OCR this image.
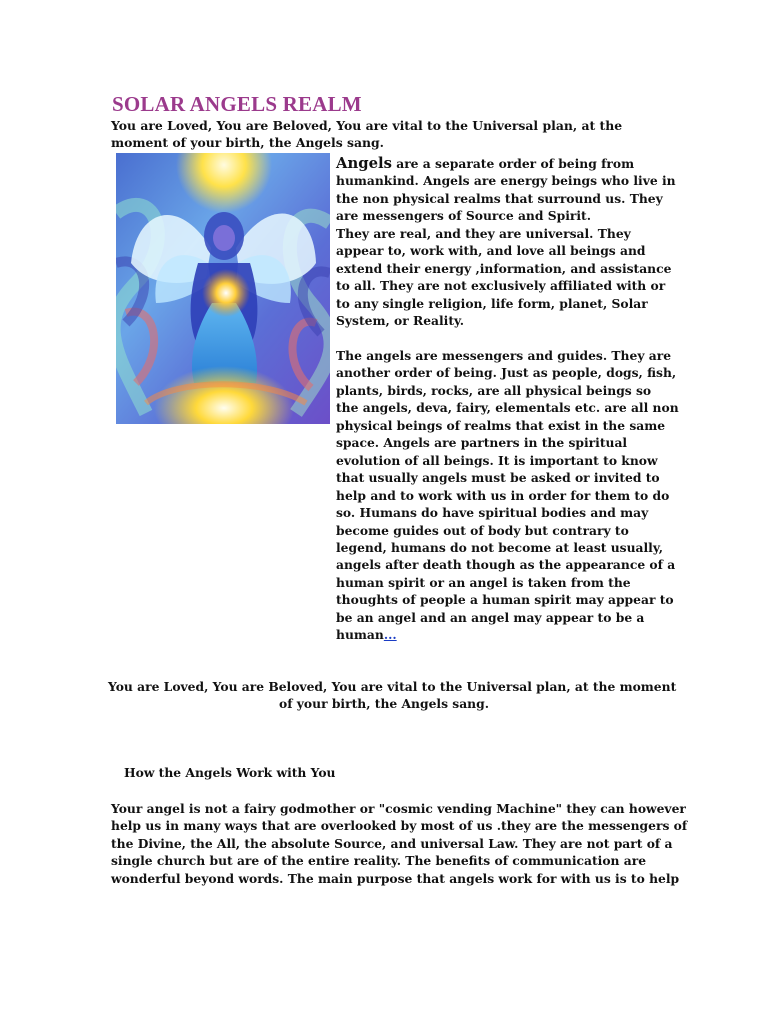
SOLAR ANGELS REALM
You are Loved, You are Beloved, You are vital to the Universal plan, at the
moment of your birth, the Angels sang.

Angels are a separate order of being from
humankind. Angels are energy beings who live in
the non physical realms that surround us. They
are messengers of Source and Spirit.
They are real, and they are universal. They
appear to, work with, and love all beings and
extend their energy ,information, and assistance
to all. They are not exclusively affiliated with or
to any single religion, life form, planet, Solar
System, or Reality.

The angels are messengers and guides. They are
another order of being. Just as people, dogs, fish,
plants, birds, rocks, are all physical beings so
the angels, deva, fairy, elementals etc. are all non
physical beings of realms that exist in the same
space. Angels are partners in the spiritual
evolution of all beings. It is important to know
that usually angels must be asked or invited to
help and to work with us in order for them to do
so. Humans do have spiritual bodies and may
become guides out of body but contrary to
legend, humans do not become at least usually,
angels after death though as the appearance of a
human spirit or an angel is taken from the
thoughts of people a human spirit may appear to
be an angel and an angel may appear to be a
human...

You are Loved, You are Beloved, You are vital to the Universal plan, at the moment
of your birth, the Angels sang.
How the Angels Work with You
Your angel is not a fairy godmother or "cosmic vending Machine" they can however
help us in many ways that are overlooked by most of us .they are the messengers of
the Divine, the All, the absolute Source, and universal Law. They are not part of a
single church but are of the entire reality. The benefits of communication are
wonderful beyond words. The main purpose that angels work for with us is to help
